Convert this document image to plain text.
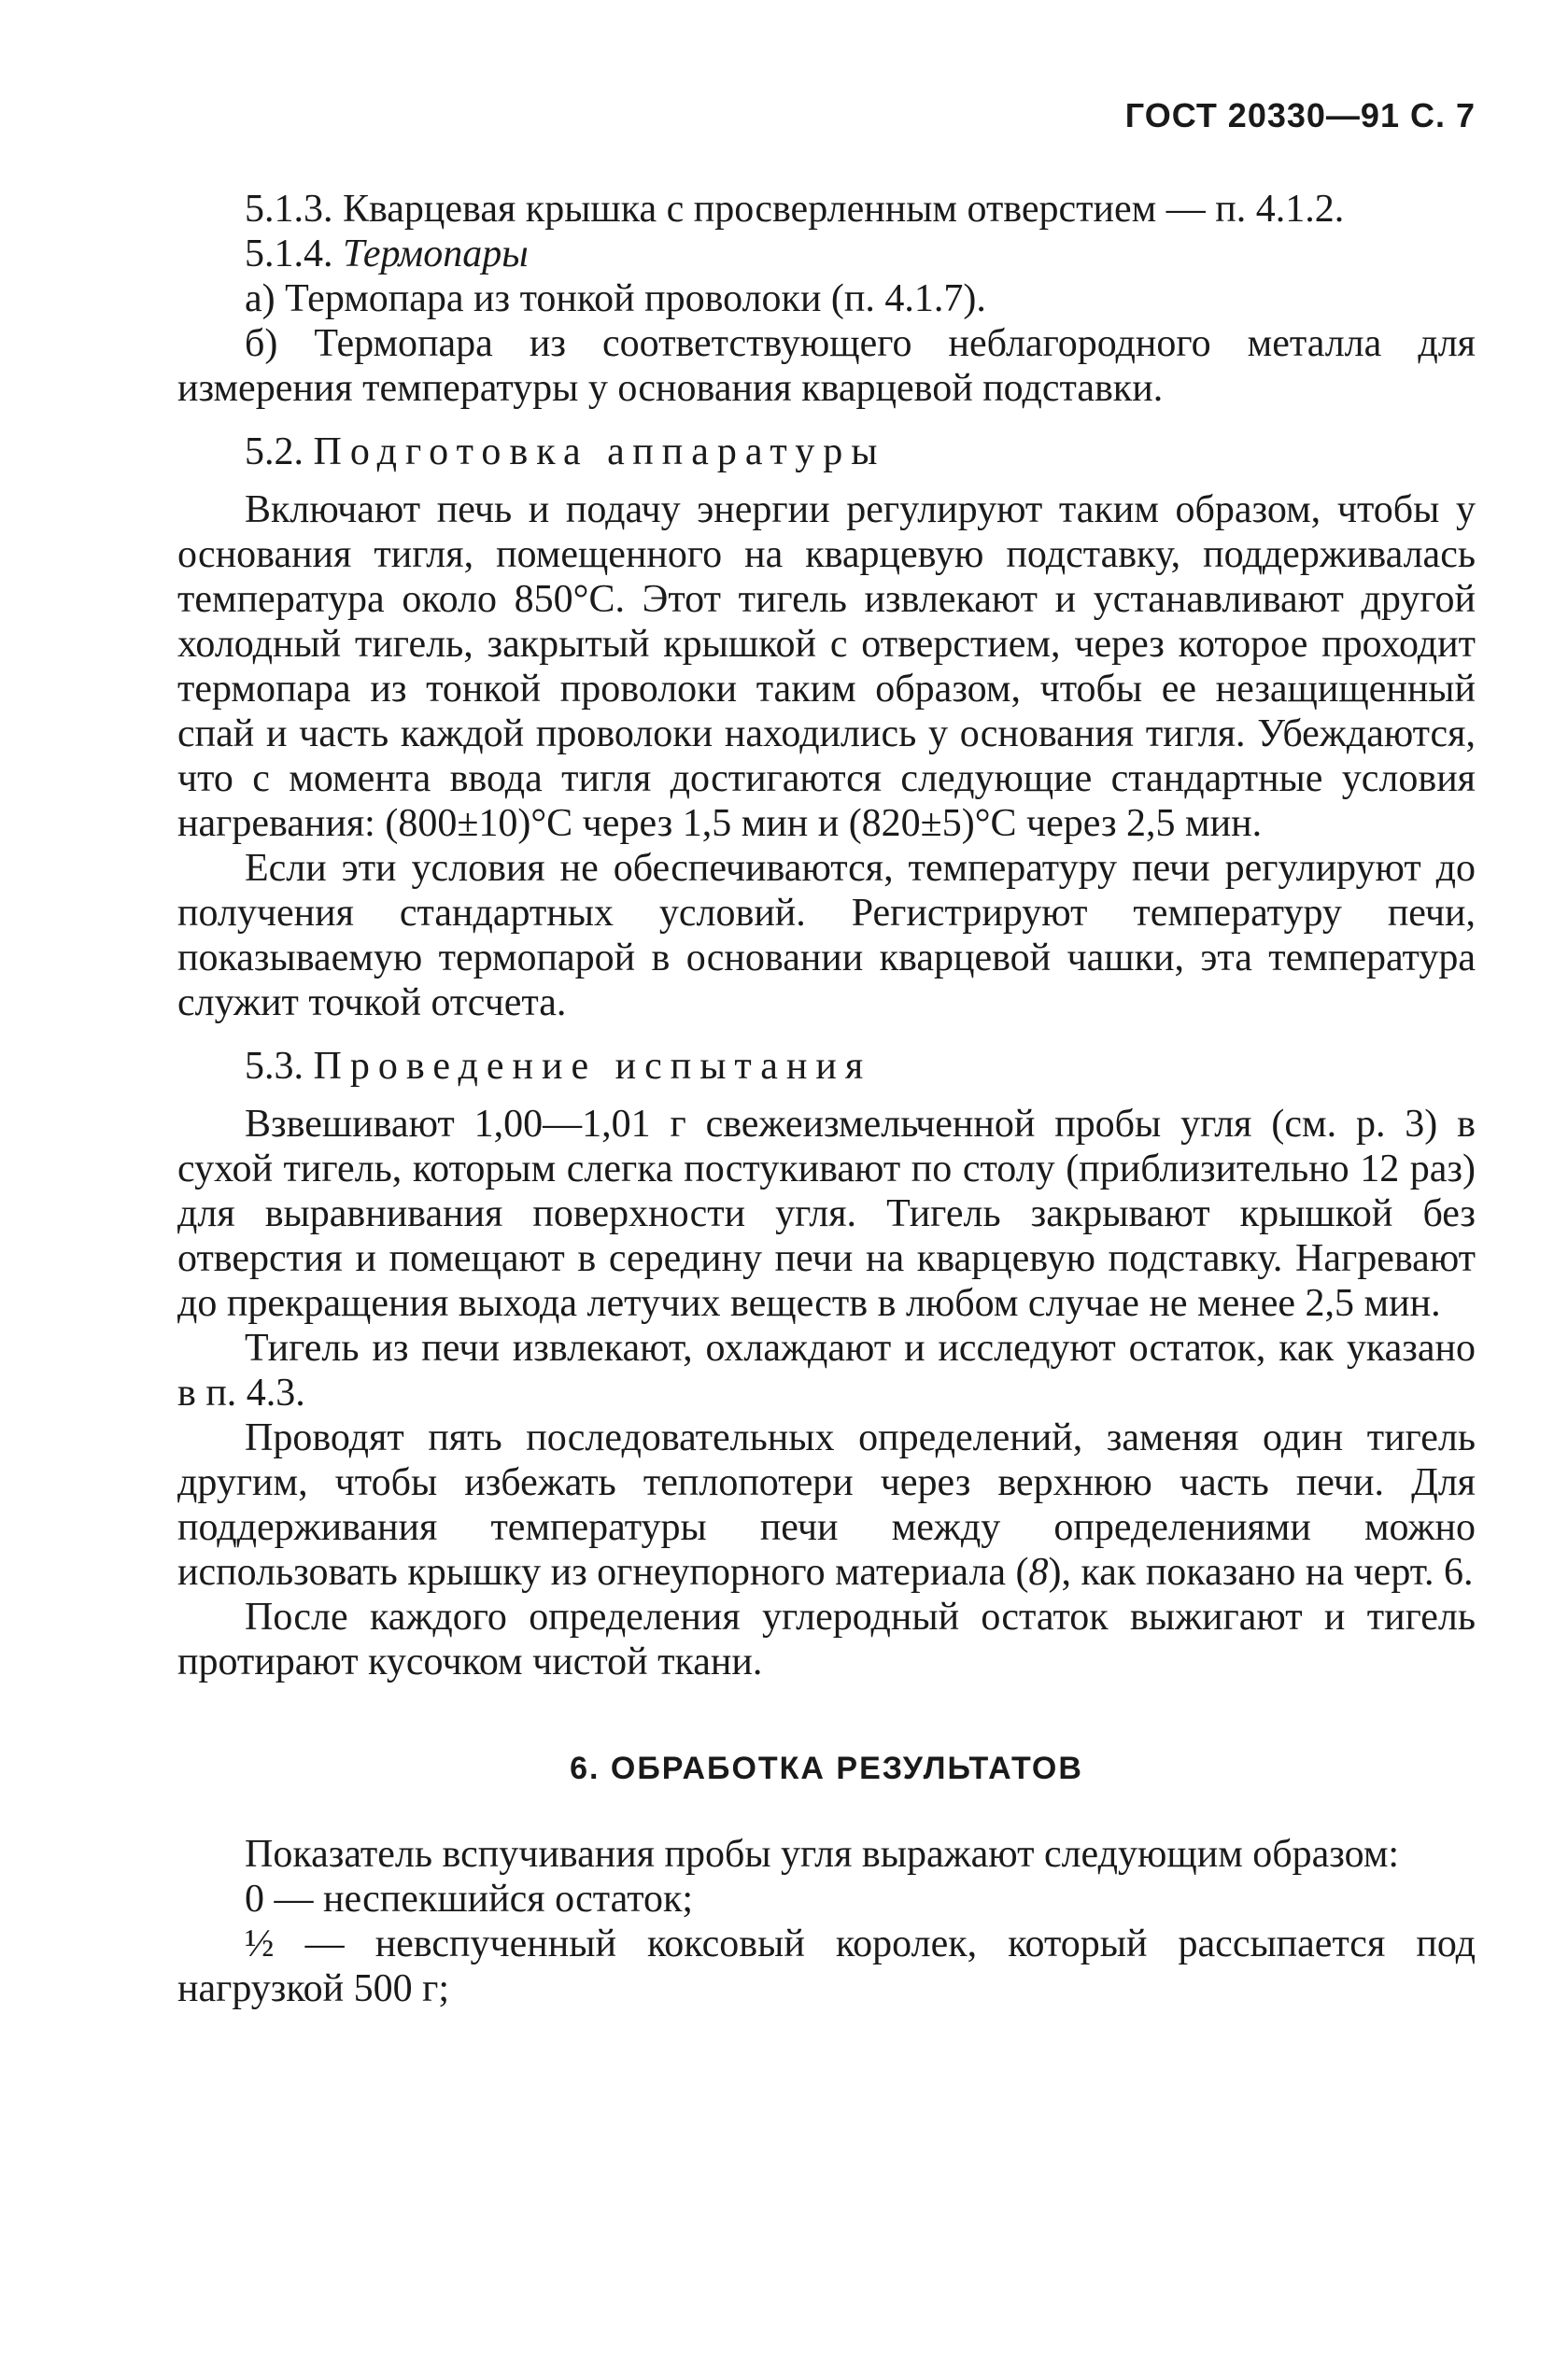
ГОСТ 20330—91 С. 7

5.1.3. Кварцевая крышка с просверленным отверстием — п. 4.1.2.

5.1.4. Термопары

а) Термопара из тонкой проволоки (п. 4.1.7).

б) Термопара из соответствующего неблагородного металла для измерения температуры у основания кварцевой подставки.

5.2. Подготовка аппаратуры

Включают печь и подачу энергии регулируют таким образом, чтобы у основания тигля, помещенного на кварцевую подставку, поддерживалась температура около 850°С. Этот тигель извлекают и устанавливают другой холодный тигель, закрытый крышкой с отверстием, через которое проходит термопара из тонкой проволоки таким образом, чтобы ее незащищенный спай и часть каждой проволоки находились у основания тигля. Убеждаются, что с момента ввода тигля достигаются следующие стандартные условия нагревания: (800±10)°С через 1,5 мин и (820±5)°С через 2,5 мин.

Если эти условия не обеспечиваются, температуру печи регулируют до получения стандартных условий. Регистрируют температуру печи, показываемую термопарой в основании кварцевой чашки, эта температура служит точкой отсчета.

5.3. Проведение испытания

Взвешивают 1,00—1,01 г свежеизмельченной пробы угля (см. р. 3) в сухой тигель, которым слегка постукивают по столу (приблизительно 12 раз) для выравнивания поверхности угля. Тигель закрывают крышкой без отверстия и помещают в середину печи на кварцевую подставку. Нагревают до прекращения выхода летучих веществ в любом случае не менее 2,5 мин.

Тигель из печи извлекают, охлаждают и исследуют остаток, как указано в п. 4.3.

Проводят пять последовательных определений, заменяя один тигель другим, чтобы избежать теплопотери через верхнюю часть печи. Для поддерживания температуры печи между определениями можно использовать крышку из огнеупорного материала (8), как показано на черт. 6.

После каждого определения углеродный остаток выжигают и тигель протирают кусочком чистой ткани.

6. ОБРАБОТКА РЕЗУЛЬТАТОВ

Показатель вспучивания пробы угля выражают следующим образом:

0 — неспекшийся остаток;

½ — невспученный коксовый королек, который рассыпается под нагрузкой 500 г;
